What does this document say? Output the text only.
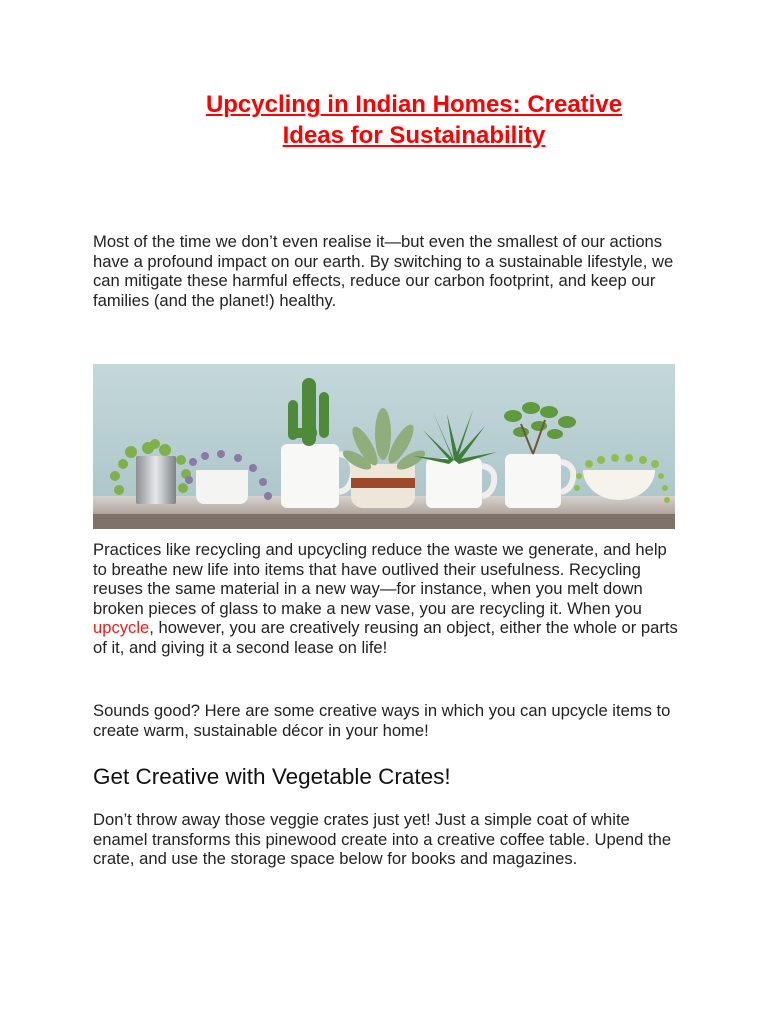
Upcycling in Indian Homes: Creative
Ideas for Sustainability

Most of the time we don’t even realise it—but even the smallest of our actions have a profound impact on our earth. By switching to a sustainable lifestyle, we can mitigate these harmful effects, reduce our carbon footprint, and keep our families (and the planet!) healthy.

Practices like recycling and upcycling reduce the waste we generate, and help to breathe new life into items that have outlived their usefulness. Recycling reuses the same material in a new way—for instance, when you melt down broken pieces of glass to make a new vase, you are recycling it. When you upcycle, however, you are creatively reusing an object, either the whole or parts of it, and giving it a second lease on life!

Sounds good? Here are some creative ways in which you can upcycle items to create warm, sustainable décor in your home!

Get Creative with Vegetable Crates!

Don’t throw away those veggie crates just yet! Just a simple coat of white enamel transforms this pinewood create into a creative coffee table. Upend the crate, and use the storage space below for books and magazines.
